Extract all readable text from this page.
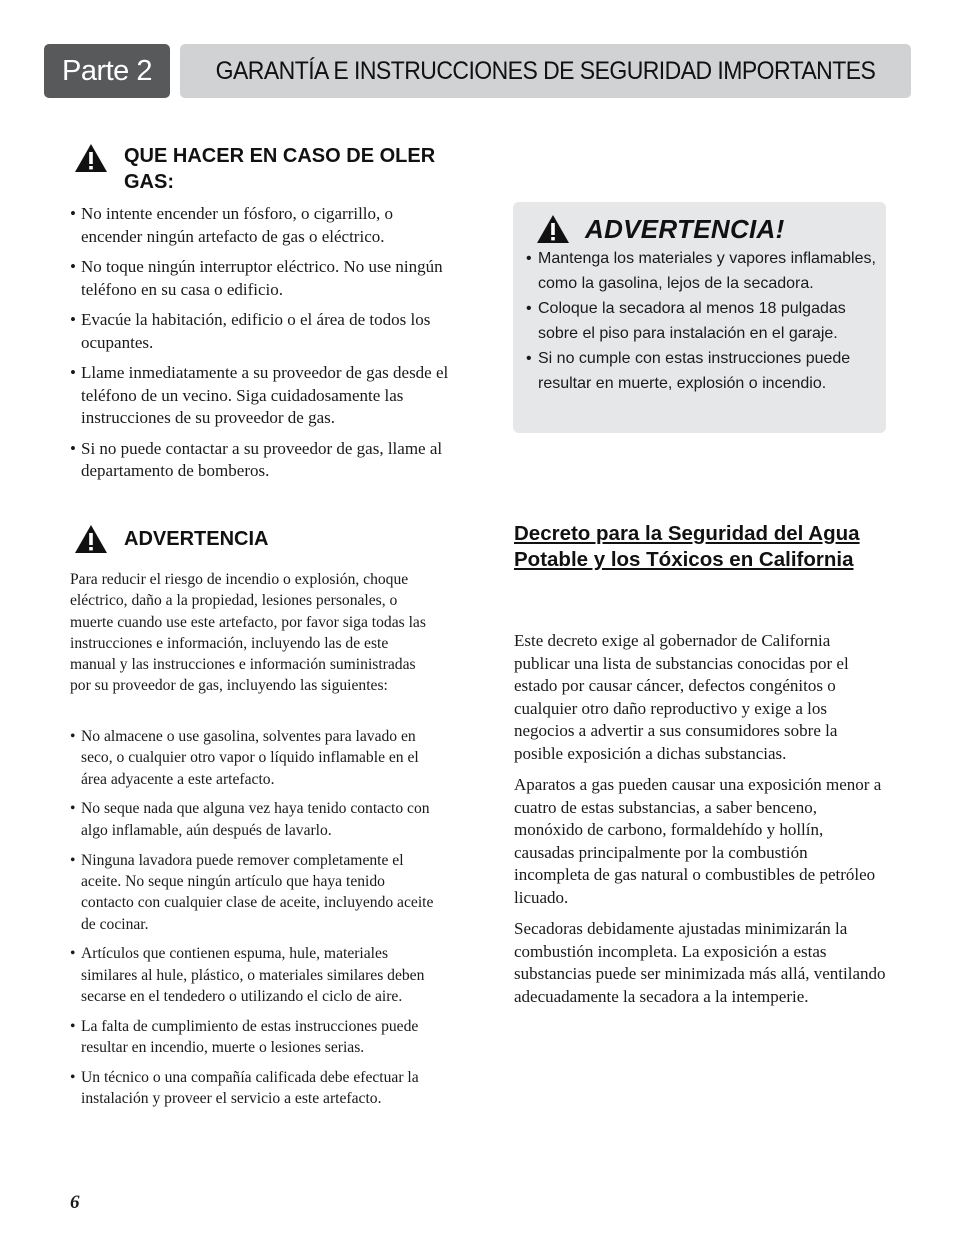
Parte 2	GARANTÍA E INSTRUCCIONES DE SEGURIDAD IMPORTANTES
QUE HACER EN CASO DE OLER
GAS:
• No intente encender un fósforo, o cigarrillo, o encender ningún artefacto de gas o eléctrico.
• No toque ningún interruptor eléctrico. No use ningún teléfono en su casa o edificio.
• Evacúe la habitación, edificio o el área de todos los ocupantes.
• Llame inmediatamente a su proveedor de gas desde el teléfono de un vecino. Siga cuidadosamente las instrucciones de su proveedor de gas.
• Si no puede contactar a su proveedor de gas, llame al departamento de bomberos.
ADVERTENCIA
Para reducir el riesgo de incendio o explosión, choque eléctrico, daño a la propiedad, lesiones personales, o muerte cuando use este artefacto, por favor siga todas las instrucciones e información, incluyendo las de este manual y las instrucciones e información suministradas por su proveedor de gas, incluyendo las siguientes:
• No almacene o use gasolina, solventes para lavado en seco, o cualquier otro vapor o líquido inflamable en el área adyacente a este artefacto.
• No seque nada que alguna vez haya tenido contacto con algo inflamable, aún después de lavarlo.
• Ninguna lavadora puede remover completamente el aceite. No seque ningún artículo que haya tenido contacto con cualquier clase de aceite, incluyendo aceite de cocinar.
• Artículos que contienen espuma, hule, materiales similares al hule, plástico, o materiales similares deben secarse en el tendedero o utilizando el ciclo de aire.
• La falta de cumplimiento de estas instrucciones puede resultar en incendio, muerte o lesiones serias.
• Un técnico o una compañía calificada debe efectuar la instalación y proveer el servicio a este artefacto.
ADVERTENCIA!
• Mantenga los materiales y vapores inflamables, como la gasolina, lejos de la secadora.
• Coloque la secadora al menos 18 pulgadas sobre el piso para instalación en el garaje.
• Si no cumple con estas instrucciones puede resultar en muerte, explosión o incendio.
Decreto para la Seguridad del Agua Potable y los Tóxicos en California

Este decreto exige al gobernador de California publicar una lista de substancias conocidas por el estado por causar cáncer, defectos congénitos o cualquier otro daño reproductivo y exige a los negocios a advertir a sus consumidores sobre la posible exposición a dichas substancias.

Aparatos a gas pueden causar una exposición menor a cuatro de estas substancias, a saber benceno, monóxido de carbono, formaldehído y hollín, causadas principalmente por la combustión incompleta de gas natural o combustibles de petróleo licuado.

Secadoras debidamente ajustadas minimizarán la combustión incompleta. La exposición a estas substancias puede ser minimizada más allá, ventilando adecuadamente la secadora a la intemperie.

6
